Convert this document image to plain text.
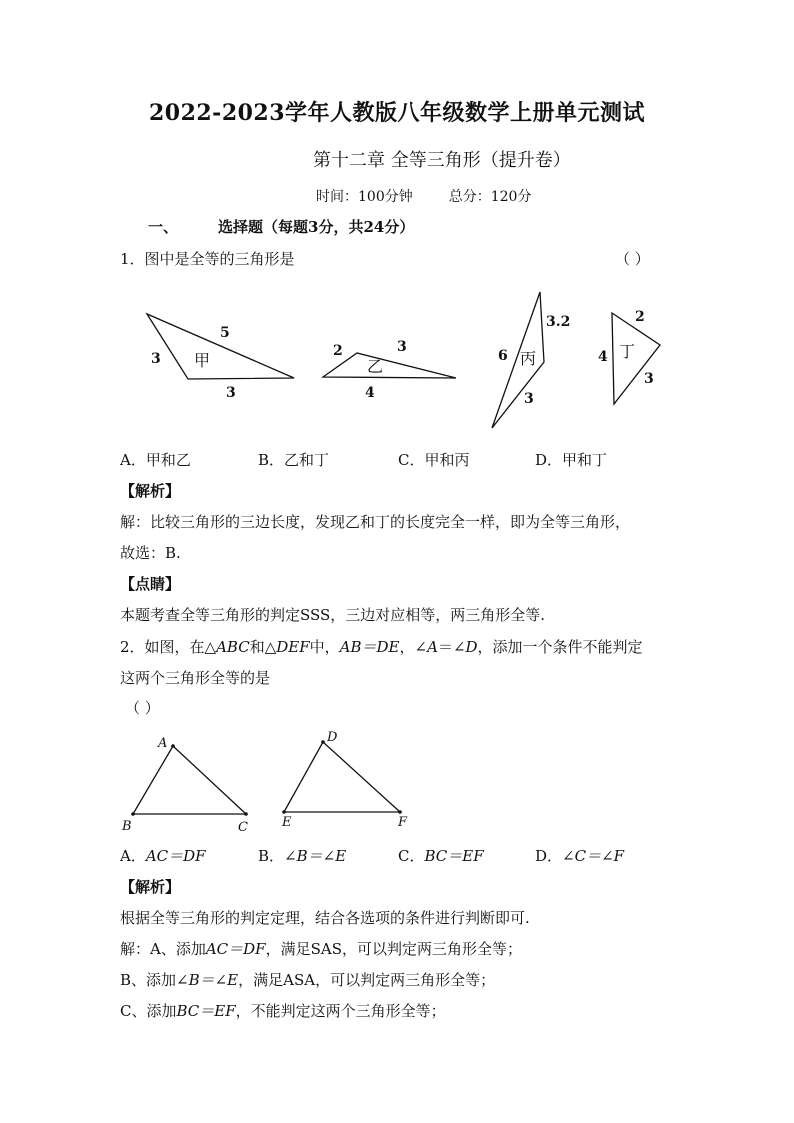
2022-2023学年人教版八年级数学上册单元测试
第十二章 全等三角形（提升卷）
时间：100分钟	总分：120分
一、	选择题（每题3分，共24分）
1．图中是全等的三角形是	（ ）
5
3
3
2	3
4
6
3.2
3
4
2
3
甲	乙	丙	丁
A．甲和乙	B．乙和丁	C．甲和丙	D．甲和丁
【解析】
解：比较三角形的三边长度，发现乙和丁的长度完全一样，即为全等三角形，
故选：B.
【点睛】
本题考查全等三角形的判定SSS，三边对应相等，两三角形全等.
2．如图，在△ABC和△DEF中，AB＝DE，∠A＝∠D，添加一个条件不能判定
这两个三角形全等的是
（ ）
A
B	C
D
E	F
A．AC＝DF	B．∠B＝∠E	C．BC＝EF	D．∠C＝∠F
【解析】
根据全等三角形的判定定理，结合各选项的条件进行判断即可.
解：A、添加AC＝DF，满足SAS，可以判定两三角形全等；
B、添加∠B＝∠E，满足ASA，可以判定两三角形全等；
C、添加BC＝EF，不能判定这两个三角形全等；
